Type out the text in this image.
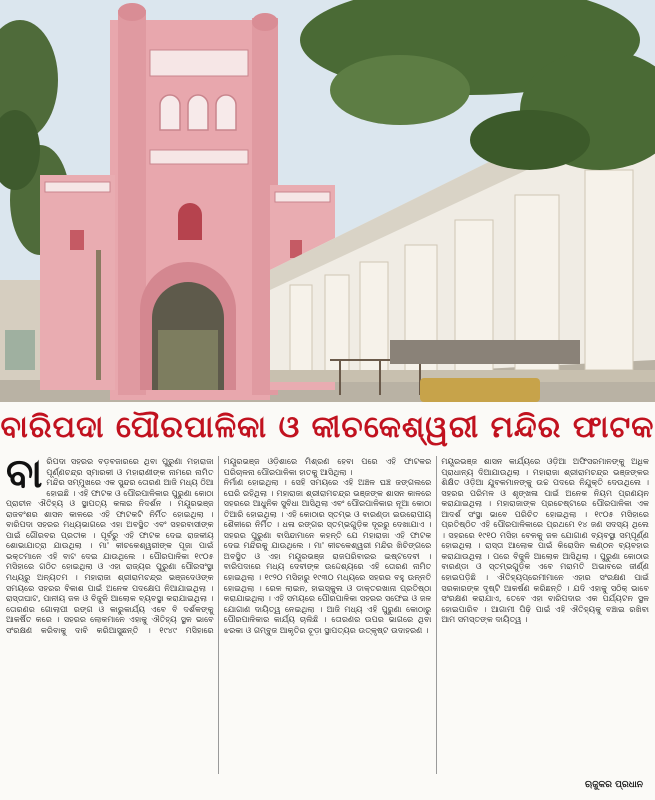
ବାରିପଦା ପୌରପାଳିକା ଓ କୀଚକେଶ୍ୱରୀ ମନ୍ଦିର ଫାଟକ

ବାରିପଦା ସହରର ବଡ଼ବଜାରରେ ଥିବା ପୁରୁଣା ମହାରାଜା ପୂର୍ଣ୍ଣଚନ୍ଦ୍ର ସ୍ମାରକୀ ଓ ମହାରାଣୀଙ୍କ ନାମରେ ନାମିତ ମନ୍ଦିର ସମ୍ମୁଖରେ ଏକ ସୁନ୍ଦର ତୋରଣ ଆଜି ମଧ୍ୟ ଠିଆ ହୋଇଛି । ଏହି ଫାଟକ ଓ ପୌରପାଳିକାର ପୁରୁଣା କୋଠା ପ୍ରାଚୀନ ଐତିହ୍ୟ ଓ ସ୍ଥାପତ୍ୟ କଳାର ନିଦର୍ଶନ । ମୟୂରଭଞ୍ଜ ରାଜବଂଶର ଶାସନ କାଳରେ ଏହି ଫାଟକଟି ନିର୍ମିତ ହୋଇଥିଲା । ବାରିପଦା ସହରର ମଧ୍ୟଭାଗରେ ଏହା ଅବସ୍ଥିତ ଏବଂ ସହରବାସୀଙ୍କ ପାଇଁ ଗୌରବର ପ୍ରତୀକ । ପୂର୍ବରୁ ଏହି ଫାଟକ ଦେଇ ରାଜକୀୟ ଶୋଭାଯାତ୍ରା ଯାଉଥିଲା । ମା' କୀଚକେଶ୍ୱରୀଙ୍କ ପୂଜା ପାଇଁ ଭକ୍ତମାନେ ଏହି ବାଟ ଦେଇ ଯାଉଥିଲେ । ପୌରପାଳିକା ୧୯୦୫ ମସିହାରେ ଗଠିତ ହୋଇଥିଲା ଓ ଏହା ରାଜ୍ୟର ପୁରୁଣା ପୌରସଂସ୍ଥା ମଧ୍ୟରୁ ଅନ୍ୟତମ । ମହାରାଜା ଶ୍ରୀରାମଚନ୍ଦ୍ର ଭଞ୍ଜଦେଓଙ୍କ ସମୟରେ ସହରର ବିକାଶ ପାଇଁ ଅନେକ ପଦକ୍ଷେପ ନିଆଯାଇଥିଲା । ରାସ୍ତାଘାଟ, ପାନୀୟ ଜଳ ଓ ବିଜୁଳି ଆଲୋକ ବ୍ୟବସ୍ଥା କରାଯାଇଥିଲା । ତୋରଣର ଗୋଲାପୀ ରଙ୍ଗ ଓ କାରୁକାର୍ଯ୍ୟ ଏବେ ବି ଦର୍ଶକଙ୍କୁ ଆକର୍ଷିତ କରେ । ସହରର ଲୋକମାନେ ଏହାକୁ ଐତିହ୍ୟ ସ୍ଥଳ ଭାବେ ସଂରକ୍ଷଣ କରିବାକୁ ଦାବି କରିଆସୁଛନ୍ତି । ୧୯୪୯ ମସିହାରେ ମୟୂରଭଞ୍ଜ ଓଡ଼ିଶାରେ ମିଶ୍ରଣ ହେବା ପରେ ଏହି ଫାଟକର ପରିଚାଳନା ପୌରପାଳିକା ହାତକୁ ଆସିଥିଲା ।

ନିର୍ମାଣ ହୋଇଥିଲା । ସେହି ସମୟରେ ଏହି ଅଞ୍ଚଳ ଘଞ୍ଚ ଜଙ୍ଗଲରେ ଘେରି ରହିଥିଲା । ମହାରାଜା ଶ୍ରୀରାମଚନ୍ଦ୍ର ଭଞ୍ଜଙ୍କ ଶାସନ କାଳରେ ସହରରେ ଆଧୁନିକ ସୁବିଧା ଆସିଥିଲା ଏବଂ ପୌରପାଳିକାର ନୂଆ କୋଠା ତିଆରି ହୋଇଥିଲା । ଏହି କୋଠାର ସ୍ତମ୍ଭ ଓ ବାରଣ୍ଡା ଇଉରୋପୀୟ ଶୈଳୀରେ ନିର୍ମିତ । ଧଳା ରଙ୍ଗର ସ୍ତମ୍ଭଗୁଡ଼ିକ ଦୂରରୁ ଦେଖାଯାଏ । ସହରର ପୁରୁଣା ବାସିନ୍ଦାମାନେ କହନ୍ତି ଯେ ମହାରାଜା ଏହି ଫାଟକ ଦେଇ ମନ୍ଦିରକୁ ଯାଉଥିଲେ । ମା' କୀଚକେଶ୍ୱରୀ ମନ୍ଦିର ଖିଚିଙ୍ଗରେ ଅବସ୍ଥିତ ଓ ଏହା ମୟୂରଭଞ୍ଜ ରାଜପରିବାରର ଇଷ୍ଟଦେବୀ । ବାରିପଦାରେ ମଧ୍ୟ ଦେବୀଙ୍କ ଉଦ୍ଦେଶ୍ୟରେ ଏହି ତୋରଣ ନାମିତ ହୋଇଥିଲା । ୧୯୨୦ ମସିହାରୁ ୧୯୩୦ ମଧ୍ୟରେ ସହରର ବହୁ ଉନ୍ନତି ହୋଇଥିଲା । ରେଳ ଲାଇନ, ହାଇସ୍କୁଲ ଓ ଡାକ୍ତରଖାନା ପ୍ରତିଷ୍ଠା କରାଯାଇଥିଲା । ଏହି ସମୟରେ ପୌରପାଳିକା ସହରର ସଫେଇ ଓ ଜଳ ଯୋଗାଣ ଦାୟିତ୍ୱ ନେଇଥିଲା । ଆଜି ମଧ୍ୟ ଏହି ପୁରୁଣା କୋଠାରୁ ପୌରପାଳିକାର କାର୍ଯ୍ୟ ଚାଲିଛି । ତୋରଣର ଉପର ଭାଗରେ ଥିବା ଝରକା ଓ ଗମ୍ବୁଜ ଆକୃତିର ଚୂଡ଼ା ସ୍ଥାପତ୍ୟର ଉତ୍କୃଷ୍ଟ ଉଦାହରଣ ।

ମୟୂରଭଞ୍ଜ ଶାସନ କାର୍ଯ୍ୟରେ ଓଡ଼ିଆ ଅଫିସରମାନଙ୍କୁ ଅଧିକ ପ୍ରାଧାନ୍ୟ ଦିଆଯାଉଥିଲା । ମହାରାଜା ଶ୍ରୀରାମଚନ୍ଦ୍ର ଭଞ୍ଜଙ୍କର ଶିକ୍ଷିତ ଓଡ଼ିଆ ଯୁବକମାନଙ୍କୁ ଉଚ୍ଚ ପଦରେ ନିଯୁକ୍ତି ଦେଉଥିଲେ । ସହରର ପରିମଳ ଓ ଶୃଙ୍ଖଳା ପାଇଁ ଅନେକ ନିୟମ ପ୍ରଣୟନ କରାଯାଇଥିଲା । ମହାରାଜାଙ୍କ ପ୍ରଚେଷ୍ଟାରେ ପୌରପାଳିକା ଏକ ଆଦର୍ଶ ସଂସ୍ଥା ଭାବେ ପରିଚିତ ହୋଇଥିଲା । ୧୯୦୫ ମସିହାରେ ପ୍ରତିଷ୍ଠିତ ଏହି ପୌରପାଳିକାରେ ପ୍ରଥମେ ୧୪ ଜଣ ସଦସ୍ୟ ଥିଲେ । ସହରରେ ୧୯୧୦ ମସିହା ବେଳକୁ ଜଳ ଯୋଗାଣ ବ୍ୟବସ୍ଥା ସମ୍ପୂର୍ଣ୍ଣ ହୋଇଥିଲା । ରାସ୍ତା ଆଲୋକ ପାଇଁ କିରୋସିନ ଲଣ୍ଠନ ବ୍ୟବହାର କରାଯାଉଥିଲା । ପରେ ବିଜୁଳି ଆଲୋକ ଆସିଥିଲା । ପୁରୁଣା କୋଠାର ବାରଣ୍ଡା ଓ ସ୍ତମ୍ଭଗୁଡ଼ିକ ଏବେ ମରାମତି ଅଭାବରେ ଜୀର୍ଣ୍ଣ ହୋଇପଡ଼ିଛି । ଐତିହ୍ୟପ୍ରେମୀମାନେ ଏହାର ସଂରକ୍ଷଣ ପାଇଁ ସରକାରଙ୍କ ଦୃଷ୍ଟି ଆକର୍ଷଣ କରିଛନ୍ତି । ଯଦି ଏହାକୁ ସଠିକ୍ ଭାବେ ସଂରକ୍ଷଣ କରାଯାଏ, ତେବେ ଏହା ବାରିପଦାର ଏକ ପର୍ଯ୍ୟଟନ ସ୍ଥଳ ହୋଇପାରିବ । ଆଗାମୀ ପିଢ଼ି ପାଇଁ ଏହି ଐତିହ୍ୟକୁ ବଞ୍ଚାଇ ରଖିବା ଆମ ସମସ୍ତଙ୍କ ଦାୟିତ୍ୱ ।

ଋଜୁକର ପ୍ରଧାନ
